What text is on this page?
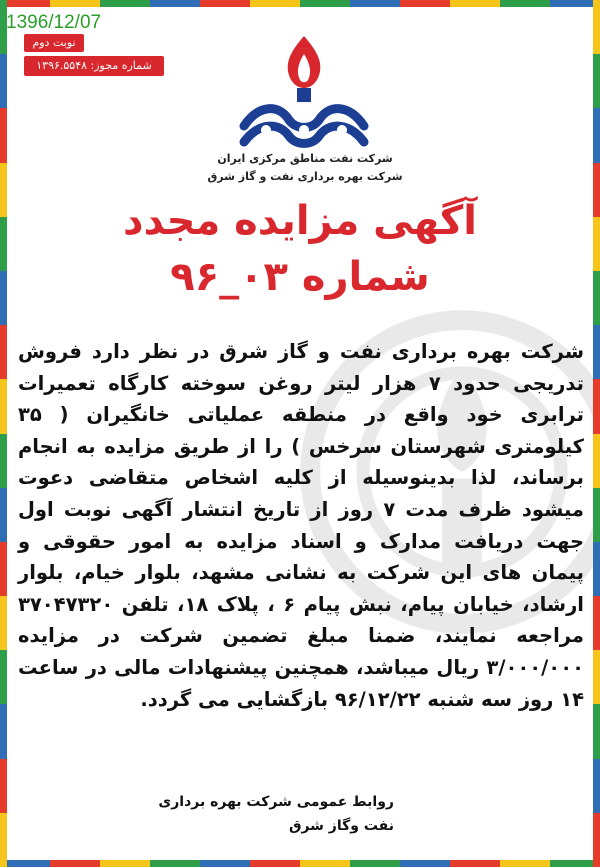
1396/12/07
نوبت دوم
شماره مجوز: ۱۳۹۶.۵۵۴۸
شرکت نفت مناطق مرکزی ایران
شرکت بهره برداری نفت و گاز شرق
آگهی مزایده مجدد
شماره ۰۳_۹۶
شرکت بهره برداری نفت و گاز شرق در نظر دارد فروش تدریجی حدود ۷ هزار لیتر روغن سوخته کارگاه تعمیرات ترابری خود واقع در منطقه عملیاتی خانگیران ( ۳۵ کیلومتری شهرستان سرخس ) را از طریق مزایده به انجام برساند، لذا بدینوسیله از کلیه اشخاص متقاضی دعوت میشود ظرف مدت ۷ روز از تاریخ انتشار آگهی نوبت اول جهت دریافت مدارک و اسناد مزایده به امور حقوقی و پیمان های این شرکت به نشانی مشهد، بلوار خیام، بلوار ارشاد، خیابان پیام، نبش پیام ۶ ، پلاک ۱۸، تلفن ۳۷۰۴۷۳۲۰ مراجعه نمایند، ضمنا مبلغ تضمین شرکت در مزایده ۳/۰۰۰/۰۰۰ ریال میباشد، همچنین پیشنهادات مالی در ساعت ۱۴ روز سه شنبه ۹۶/۱۲/۲۲ بازگشایی می گردد.
روابط عمومی شرکت بهره برداری
نفت وگاز شرق
